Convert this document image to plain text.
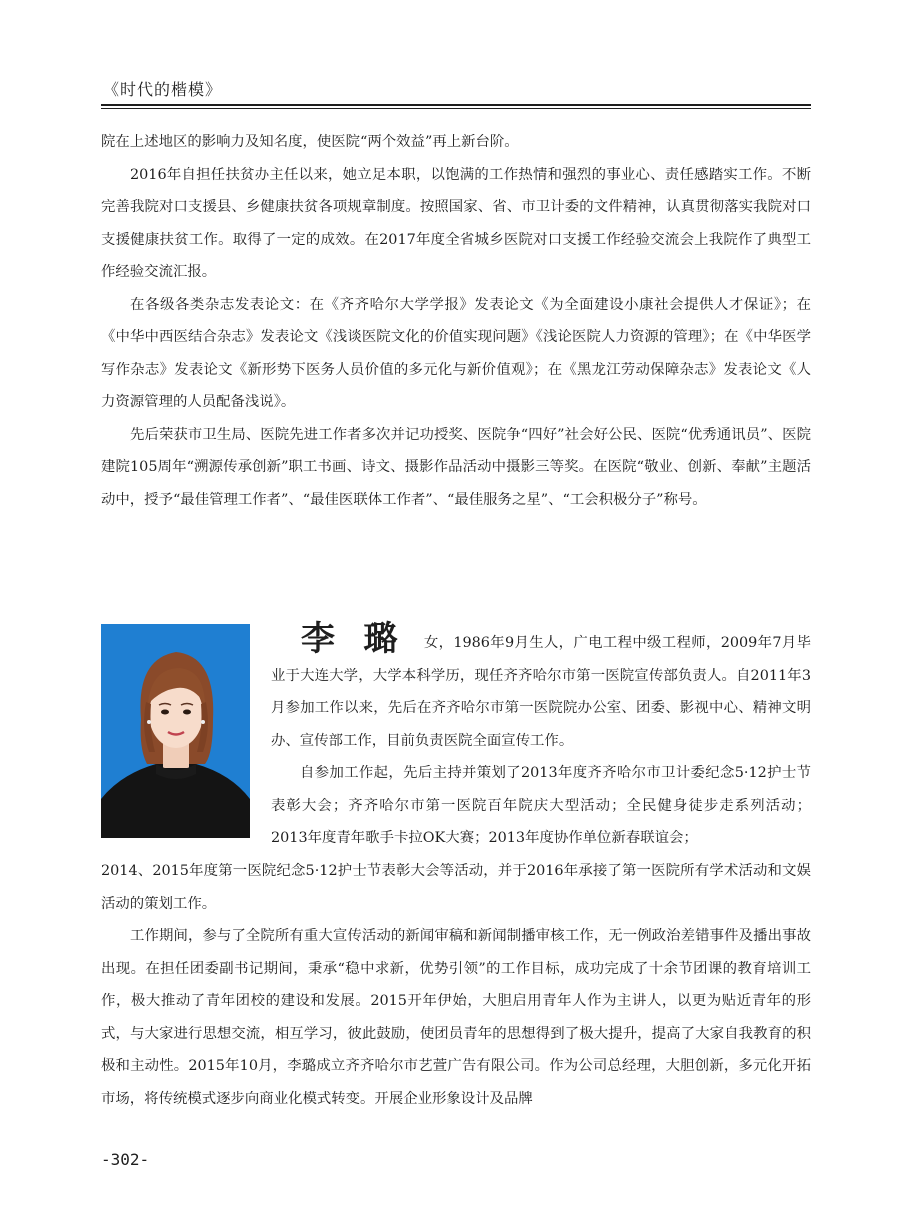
《时代的楷模》

院在上述地区的影响力及知名度，使医院“两个效益”再上新台阶。

2016年自担任扶贫办主任以来，她立足本职，以饱满的工作热情和强烈的事业心、责任感踏实工作。不断完善我院对口支援县、乡健康扶贫各项规章制度。按照国家、省、市卫计委的文件精神，认真贯彻落实我院对口支援健康扶贫工作。取得了一定的成效。在2017年度全省城乡医院对口支援工作经验交流会上我院作了典型工作经验交流汇报。

在各级各类杂志发表论文：在《齐齐哈尔大学学报》发表论文《为全面建设小康社会提供人才保证》；在《中华中西医结合杂志》发表论文《浅谈医院文化的价值实现问题》《浅论医院人力资源的管理》；在《中华医学写作杂志》发表论文《新形势下医务人员价值的多元化与新价值观》；在《黑龙江劳动保障杂志》发表论文《人力资源管理的人员配备浅说》。

先后荣获市卫生局、医院先进工作者多次并记功授奖、医院争“四好”社会好公民、医院“优秀通讯员”、医院建院105周年“溯源传承创新”职工书画、诗文、摄影作品活动中摄影三等奖。在医院“敬业、创新、奉献”主题活动中，授予“最佳管理工作者”、“最佳医联体工作者”、“最佳服务之星”、“工会积极分子”称号。

李 璐 女，1986年9月生人，广电工程中级工程师，2009年7月毕业于大连大学，大学本科学历，现任齐齐哈尔市第一医院宣传部负责人。自2011年3月参加工作以来，先后在齐齐哈尔市第一医院院办公室、团委、影视中心、精神文明办、宣传部工作，目前负责医院全面宣传工作。

自参加工作起，先后主持并策划了2013年度齐齐哈尔市卫计委纪念5·12护士节表彰大会；齐齐哈尔市第一医院百年院庆大型活动；全民健身徒步走系列活动；2013年度青年歌手卡拉OK大赛；2013年度协作单位新春联谊会；

2014、2015年度第一医院纪念5·12护士节表彰大会等活动，并于2016年承接了第一医院所有学术活动和文娱活动的策划工作。

工作期间，参与了全院所有重大宣传活动的新闻审稿和新闻制播审核工作，无一例政治差错事件及播出事故出现。在担任团委副书记期间，秉承“稳中求新，优势引领”的工作目标，成功完成了十余节团课的教育培训工作，极大推动了青年团校的建设和发展。2015开年伊始，大胆启用青年人作为主讲人，以更为贴近青年的形式，与大家进行思想交流，相互学习，彼此鼓励，使团员青年的思想得到了极大提升，提高了大家自我教育的积极和主动性。2015年10月，李璐成立齐齐哈尔市艺萱广告有限公司。作为公司总经理，大胆创新，多元化开拓市场，将传统模式逐步向商业化模式转变。开展企业形象设计及品牌

-302-
